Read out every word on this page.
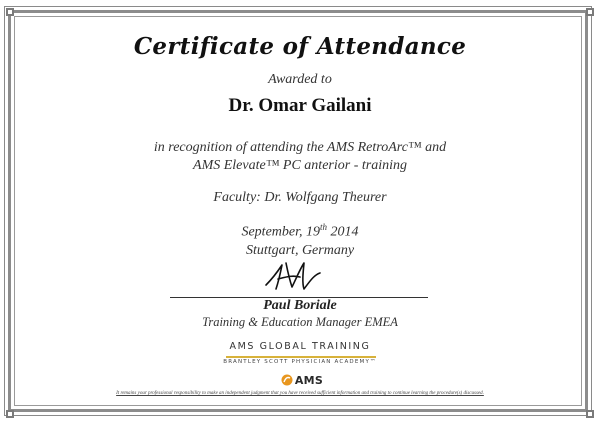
Certificate of Attendance
Awarded to
Dr. Omar Gailani
in recognition of attending the AMS RetroArc™ and
AMS Elevate™ PC anterior - training
Faculty: Dr. Wolfgang Theurer
September, 19th 2014
Stuttgart, Germany
Paul Boriale
Training & Education Manager EMEA
AMS GLOBAL TRAINING
BRANTLEY SCOTT PHYSICIAN ACADEMY™
AMS
It remains your professional responsibility to make an independent judgment that you have received sufficient information and training to continue learning the procedure(s) discussed.
